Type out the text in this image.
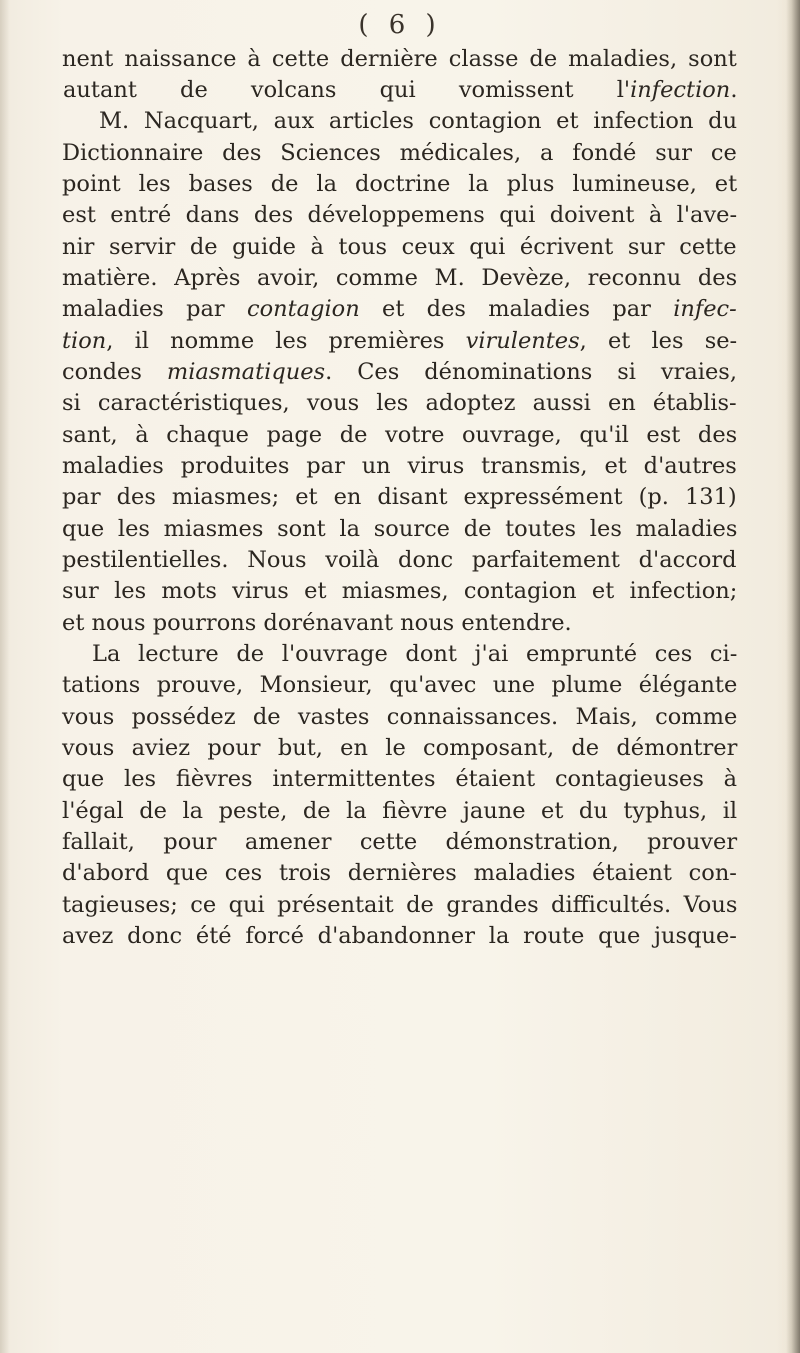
( 6 )
nent naissance à cette dernière classe de maladies, sont
autant de volcans qui vomissent l'infection.
M. Nacquart, aux articles contagion et infection du
Dictionnaire des Sciences médicales, a fondé sur ce
point les bases de la doctrine la plus lumineuse, et
est entré dans des développemens qui doivent à l'ave-
nir servir de guide à tous ceux qui écrivent sur cette
matière. Après avoir, comme M. Devèze, reconnu des
maladies par contagion et des maladies par infec-
tion, il nomme les premières virulentes, et les se-
condes miasmatiques. Ces dénominations si vraies,
si caractéristiques, vous les adoptez aussi en établis-
sant, à chaque page de votre ouvrage, qu'il est des
maladies produites par un virus transmis, et d'autres
par des miasmes; et en disant expressément (p. 131)
que les miasmes sont la source de toutes les maladies
pestilentielles. Nous voilà donc parfaitement d'accord
sur les mots virus et miasmes, contagion et infection;
et nous pourrons dorénavant nous entendre.
La lecture de l'ouvrage dont j'ai emprunté ces ci-
tations prouve, Monsieur, qu'avec une plume élégante
vous possédez de vastes connaissances. Mais, comme
vous aviez pour but, en le composant, de démontrer
que les fièvres intermittentes étaient contagieuses à
l'égal de la peste, de la fièvre jaune et du typhus, il
fallait, pour amener cette démonstration, prouver
d'abord que ces trois dernières maladies étaient con-
tagieuses; ce qui présentait de grandes difficultés. Vous
avez donc été forcé d'abandonner la route que jusque-
